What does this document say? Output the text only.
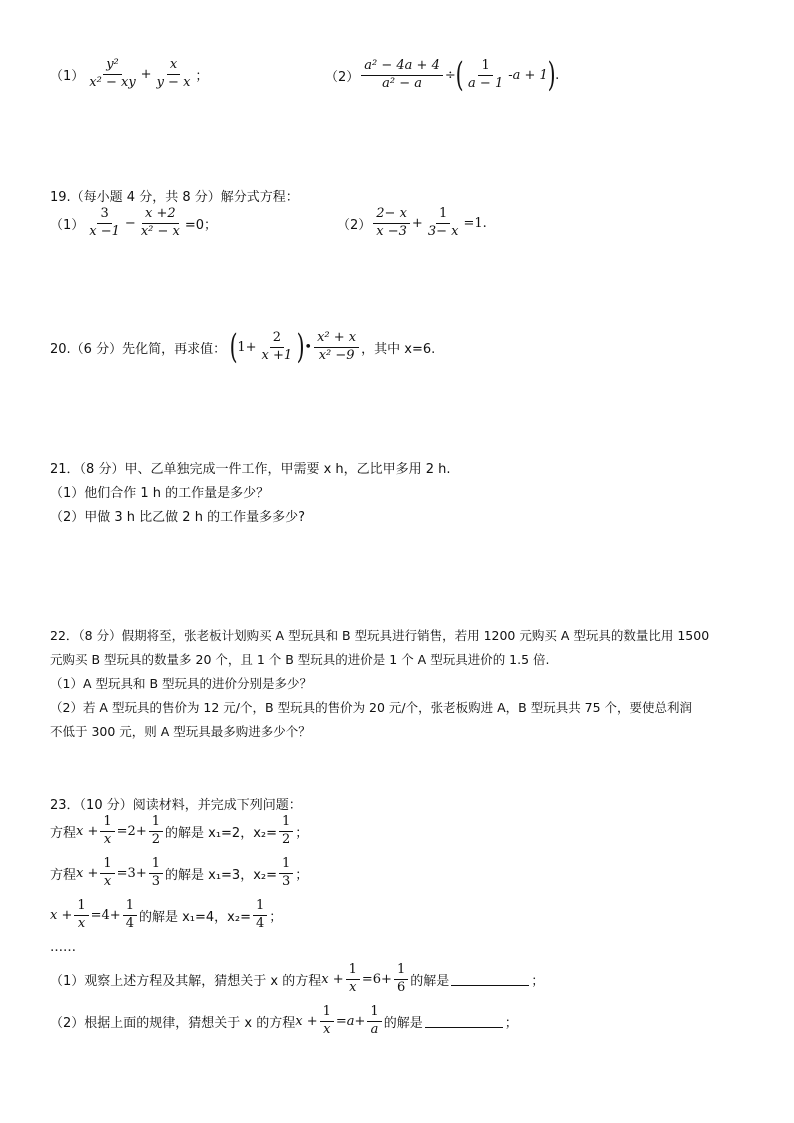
$(1) \frac{\text{y²}}{\text{x² − xy}} + \frac{x}{y - x}$ ；	$(2) \frac{\text{a² − 4a + 4}}{\text{a² − a}}$ ÷ ( $\frac{1}{a - 1} -a + 1$ ) .
19.（每小题 4 分，共 8 分）解分式方程：
$(1) \frac{3}{x -1} - \frac{x +2}{\text{x² − x}} =0$；	$(2) \frac{2- x}{x -3} + \frac{1}{3- x} =1$.
20.（6 分）先化简，再求值： ( $1+ \frac{2}{x +1}$ ) • $\frac{\text{x² + x}}{\text{x² −9}}$ ，其中 x=6.
21．（8 分）甲、乙单独完成一件工作，甲需要 x h，乙比甲多用 2 h.
（1）他们合作 1 h 的工作量是多少？
（2）甲做 3 h 比乙做 2 h 的工作量多多少?
22．（8 分）假期将至，张老板计划购买 A 型玩具和 B 型玩具进行销售，若用 1200 元购买 A 型玩具的数量比用 1500
元购买 B 型玩具的数量多 20 个，且 1 个 B 型玩具的进价是 1 个 A 型玩具进价的 1.5 倍.
（1）A 型玩具和 B 型玩具的进价分别是多少？
（2）若 A 型玩具的售价为 12 元/个，B 型玩具的售价为 20 元/个，张老板购进 A，B 型玩具共 75 个，要使总利润
不低于 300 元，则 A 型玩具最多购进多少个？
23．（10 分）阅读材料，并完成下列问题：
方程 $x + \frac{1}{x} =2+ \frac{1}{2}$ 的解是 x₁=2，$x_2= \frac{1}{2}$ ；
方程 $x + \frac{1}{x} =3+ \frac{1}{3}$ 的解是 x₁=3，$x_2= \frac{1}{3}$ ；
$x + \frac{1}{x} =4+ \frac{1}{4}$ 的解是 x₁=4，$x_2= \frac{1}{4}$ ；
……
（1）观察上述方程及其解，猜想关于 x 的方程 $x + \frac{1}{x} =6+ \frac{1}{6}$ 的解是	；
（2）根据上面的规律，猜想关于 x 的方程 $x + \frac{1}{x} =a+ \frac{1}{a}$ 的解是	；
